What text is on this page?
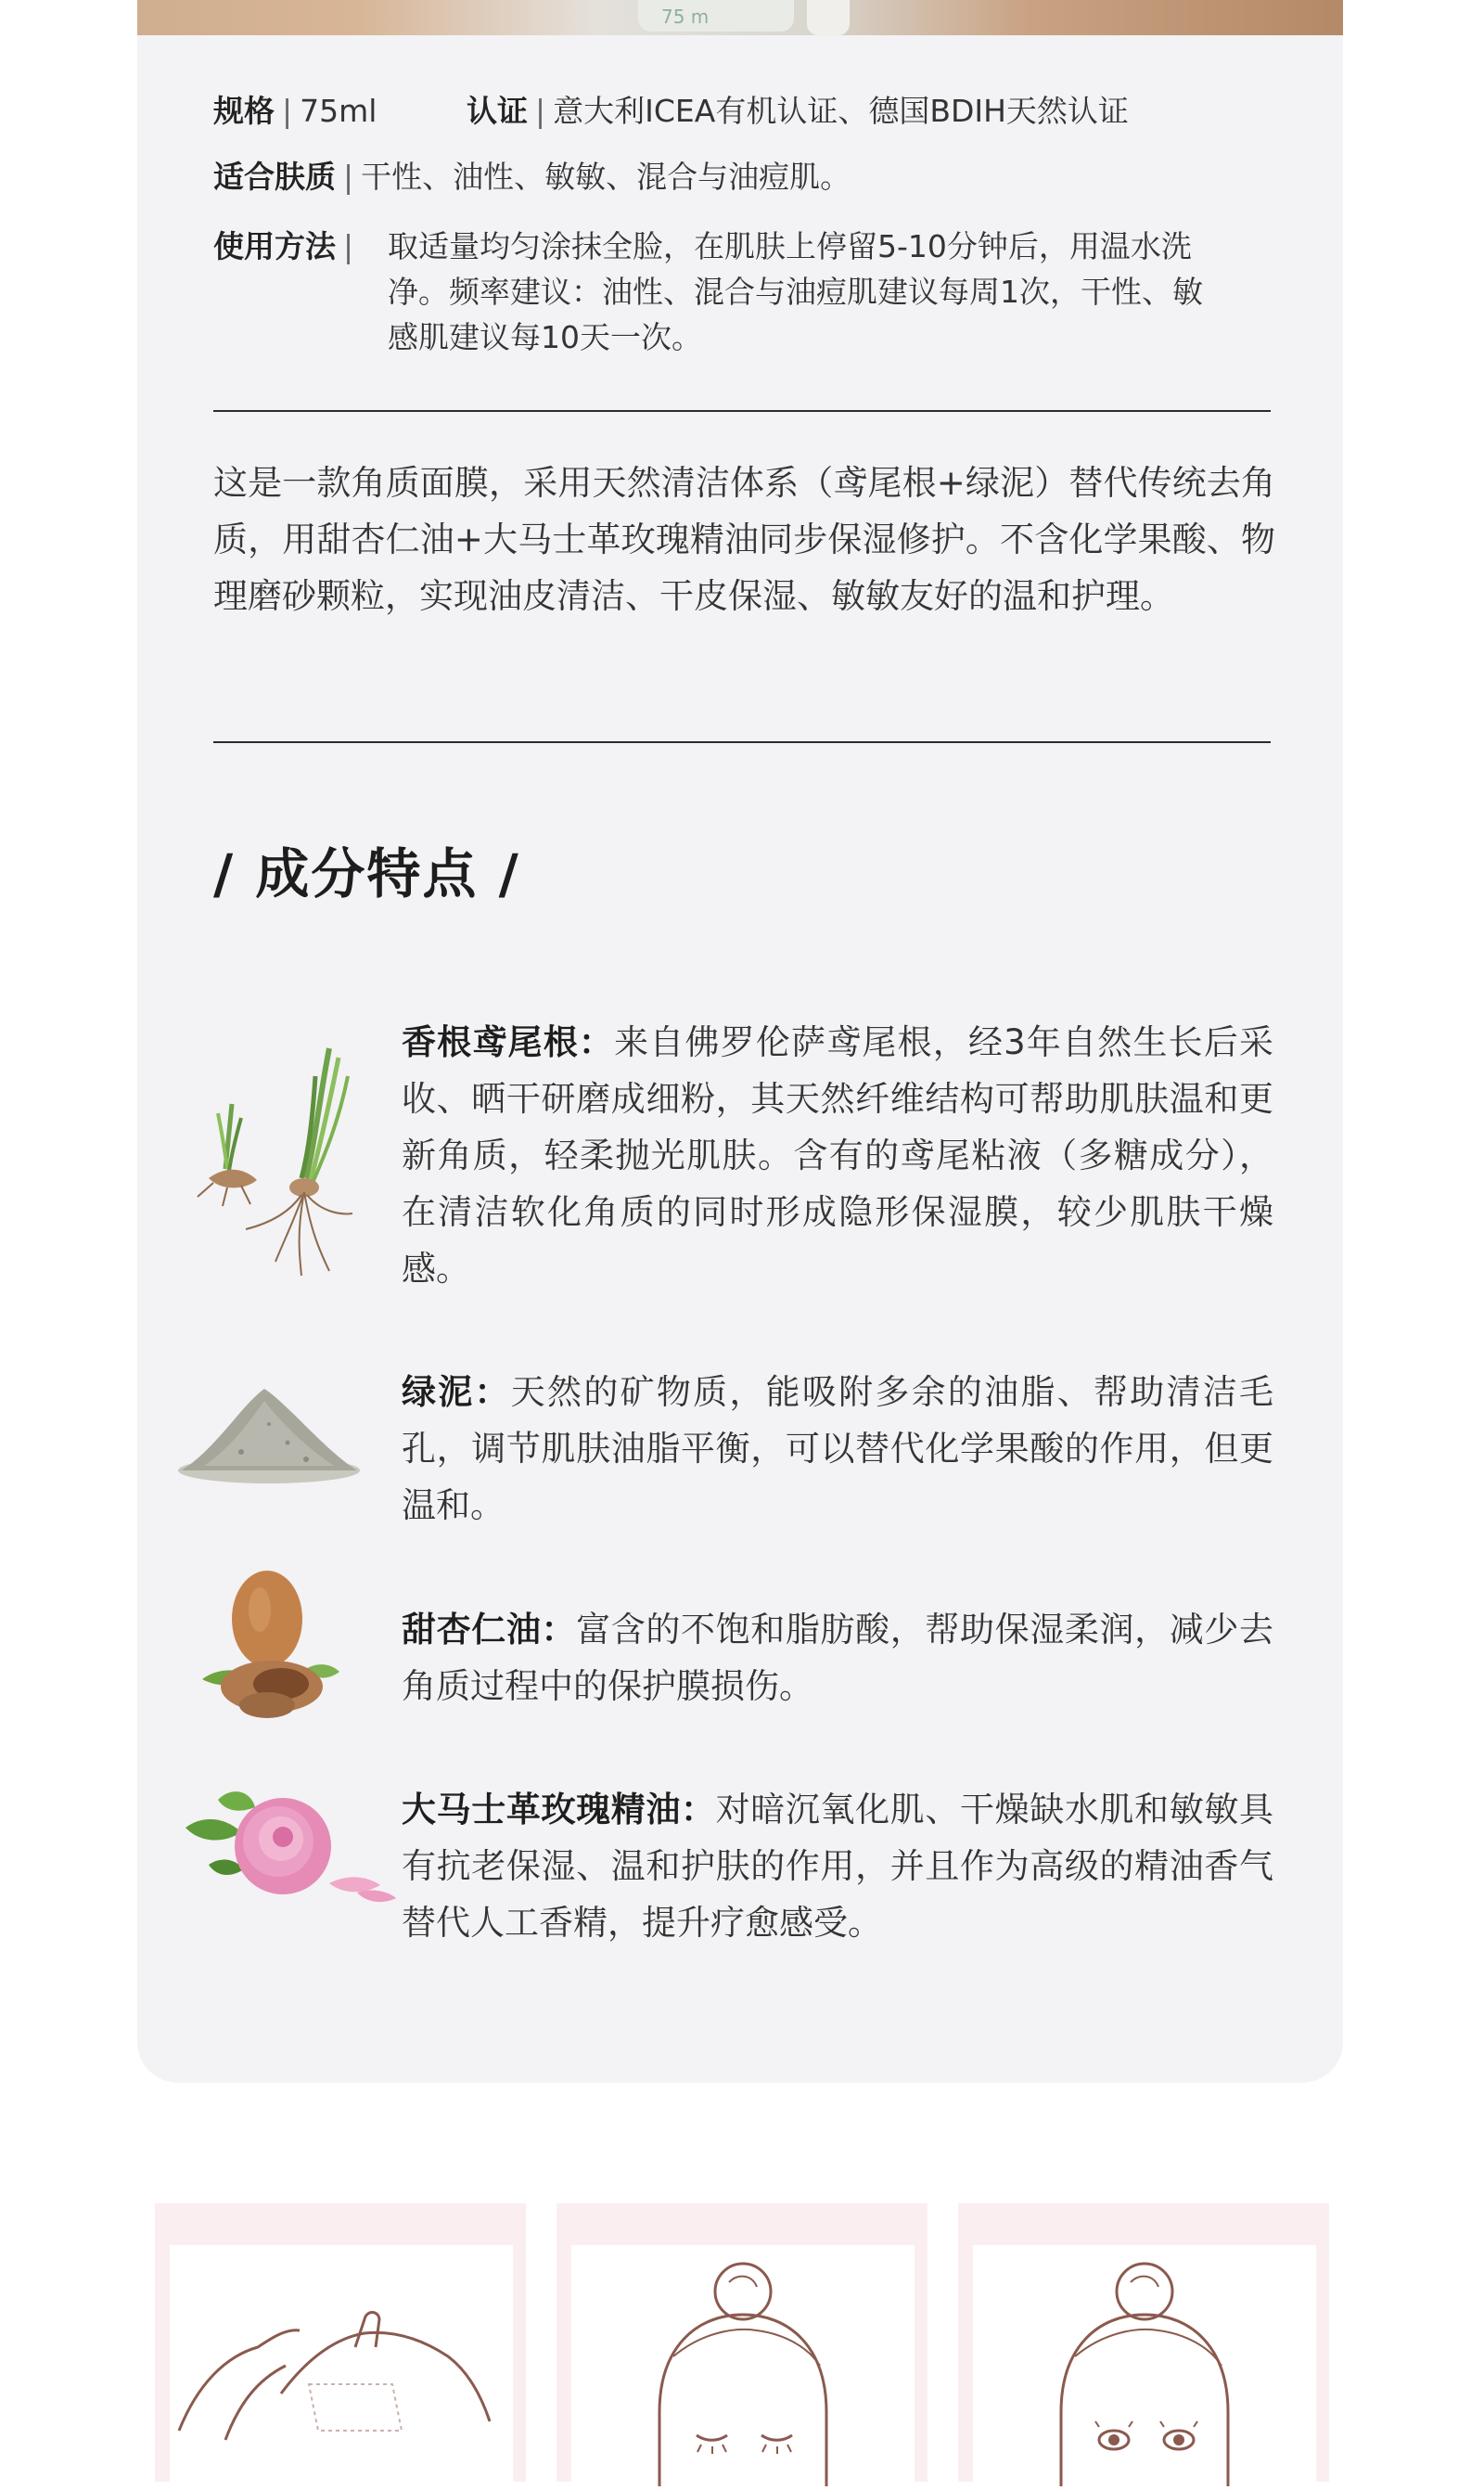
75 m
规格 | 75ml	认证 | 意大利ICEA有机认证、德国BDIH天然认证
适合肤质 | 干性、油性、敏敏、混合与油痘肌。
使用方法 | 取适量均匀涂抹全脸，在肌肤上停留5-10分钟后，用温水洗
净。频率建议：油性、混合与油痘肌建议每周1次，干性、敏
感肌建议每10天一次。
这是一款角质面膜，采用天然清洁体系（鸢尾根+绿泥）替代传统去角质，用甜杏仁油+大马士革玫瑰精油同步保湿修护。不含化学果酸、物理磨砂颗粒，实现油皮清洁、干皮保湿、敏敏友好的温和护理。
/ 成分特点 /
香根鸢尾根：来自佛罗伦萨鸢尾根，经3年自然生长后采收、晒干研磨成细粉，其天然纤维结构可帮助肌肤温和更新角质，轻柔抛光肌肤。含有的鸢尾粘液（多糖成分），在清洁软化角质的同时形成隐形保湿膜，较少肌肤干燥感。
绿泥：天然的矿物质，能吸附多余的油脂、帮助清洁毛孔，调节肌肤油脂平衡，可以替代化学果酸的作用，但更温和。
甜杏仁油：富含的不饱和脂肪酸，帮助保湿柔润，减少去角质过程中的保护膜损伤。
大马士革玫瑰精油：对暗沉氧化肌、干燥缺水肌和敏敏具有抗老保湿、温和护肤的作用，并且作为高级的精油香气替代人工香精，提升疗愈感受。
